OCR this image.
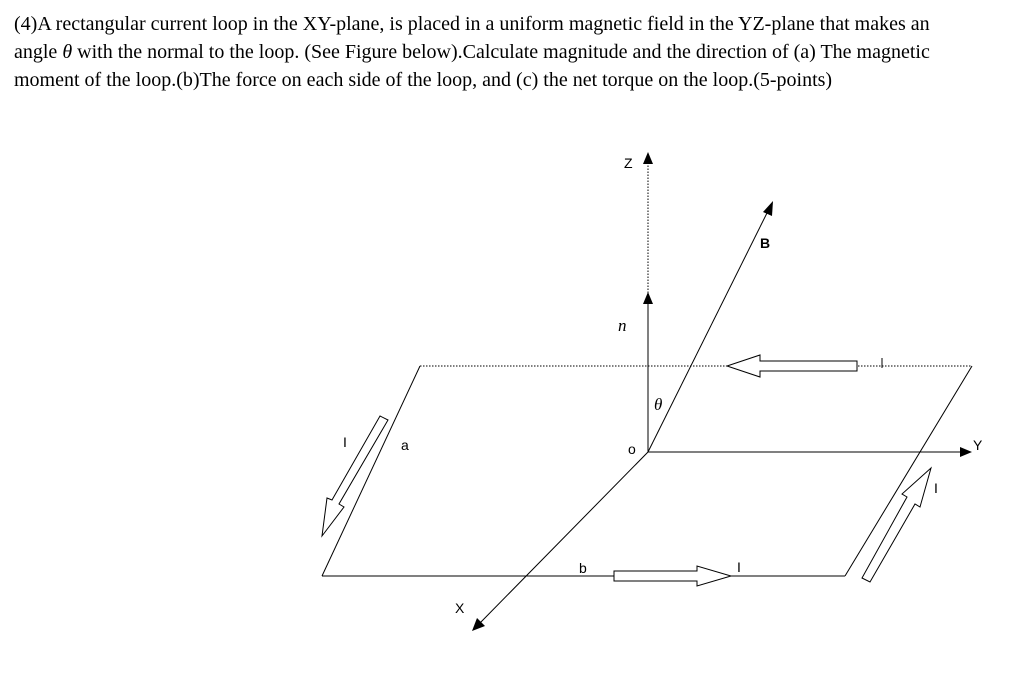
(4)A rectangular current loop in the XY-plane, is placed in a uniform magnetic field in the YZ-plane that makes an
angle θ with the normal to the loop. (See Figure below).Calculate magnitude and the direction of (a) The magnetic
moment of the loop.(b)The force on each side of the loop, and (c) the net torque on the loop.(5-points)
Z
n
B
θ
o	Y
X
a
b
I
I
I
